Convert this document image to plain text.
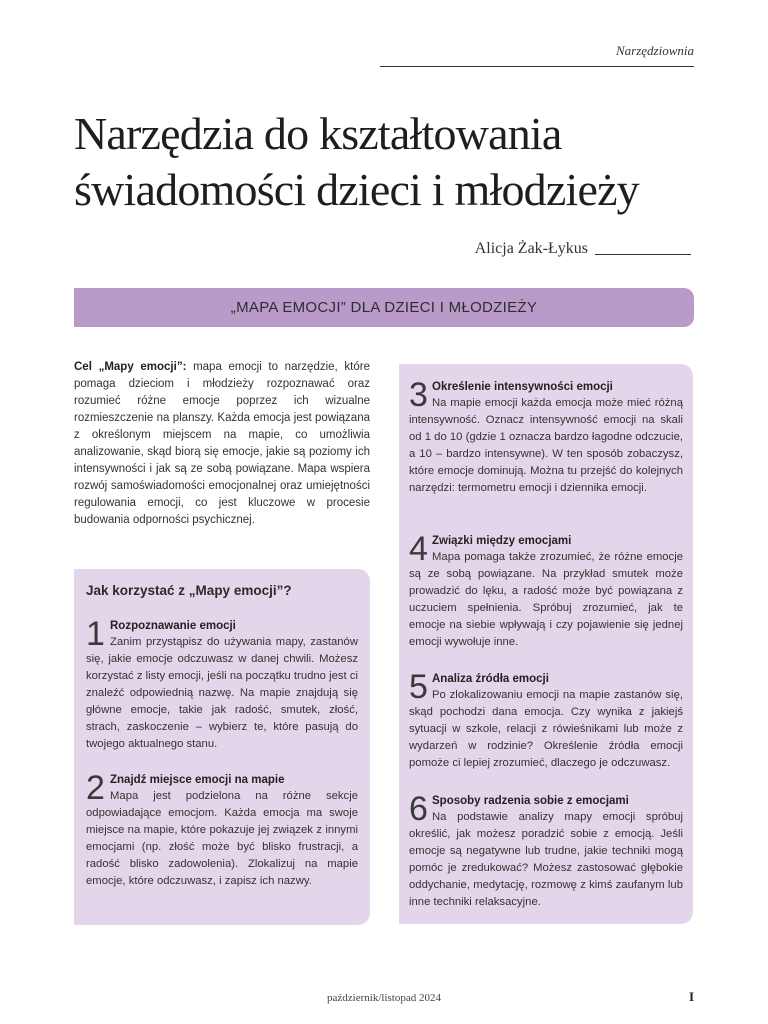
Narzędziownia
Narzędzia do kształtowania
świadomości dzieci i młodzieży
Alicja Żak-Łykus
„MAPA EMOCJI” DLA DZIECI I MŁODZIEŻY
Cel „Mapy emocji”: mapa emocji to narzędzie, które pomaga dzieciom i młodzieży rozpoznawać oraz rozumieć różne emocje poprzez ich wizualne rozmieszczenie na planszy. Każda emocja jest powiązana z określonym miejscem na mapie, co umożliwia analizowanie, skąd biorą się emocje, jakie są poziomy ich intensywności i jak są ze sobą powiązane. Mapa wspiera rozwój samoświadomości emocjonalnej oraz umiejętności regulowania emocji, co jest kluczowe w procesie budowania odporności psychicznej.
Jak korzystać z „Mapy emocji”?
1 Rozpoznawanie emocji
Zanim przystąpisz do używania mapy, zastanów się, jakie emocje odczuwasz w danej chwili. Możesz korzystać z listy emocji, jeśli na początku trudno jest ci znaleźć odpowiednią nazwę. Na mapie znajdują się główne emocje, takie jak radość, smutek, złość, strach, zaskoczenie – wybierz te, które pasują do twojego aktualnego stanu.
2 Znajdź miejsce emocji na mapie
Mapa jest podzielona na różne sekcje odpowiadające emocjom. Każda emocja ma swoje miejsce na mapie, które pokazuje jej związek z innymi emocjami (np. złość może być blisko frustracji, a radość blisko zadowolenia). Zlokalizuj na mapie emocje, które odczuwasz, i zapisz ich nazwy.
3 Określenie intensywności emocji
Na mapie emocji każda emocja może mieć różną intensywność. Oznacz intensywność emocji na skali od 1 do 10 (gdzie 1 oznacza bardzo łagodne odczucie, a 10 – bardzo intensywne). W ten sposób zobaczysz, które emocje dominują. Można tu przejść do kolejnych narzędzi: termometru emocji i dziennika emocji.
4 Związki między emocjami
Mapa pomaga także zrozumieć, że różne emocje są ze sobą powiązane. Na przykład smutek może prowadzić do lęku, a radość może być powiązana z uczuciem spełnienia. Spróbuj zrozumieć, jak te emocje na siebie wpływają i czy pojawienie się jednej emocji wywołuje inne.
5 Analiza źródła emocji
Po zlokalizowaniu emocji na mapie zastanów się, skąd pochodzi dana emocja. Czy wynika z jakiejś sytuacji w szkole, relacji z rówieśnikami lub może z wydarzeń w rodzinie? Określenie źródła emocji pomoże ci lepiej zrozumieć, dlaczego je odczuwasz.
6 Sposoby radzenia sobie z emocjami
Na podstawie analizy mapy emocji spróbuj określić, jak możesz poradzić sobie z emocją. Jeśli emocje są negatywne lub trudne, jakie techniki mogą pomóc je zredukować? Możesz zastosować głębokie oddychanie, medytację, rozmowę z kimś zaufanym lub inne techniki relaksacyjne.
październik/listopad 2024	I
